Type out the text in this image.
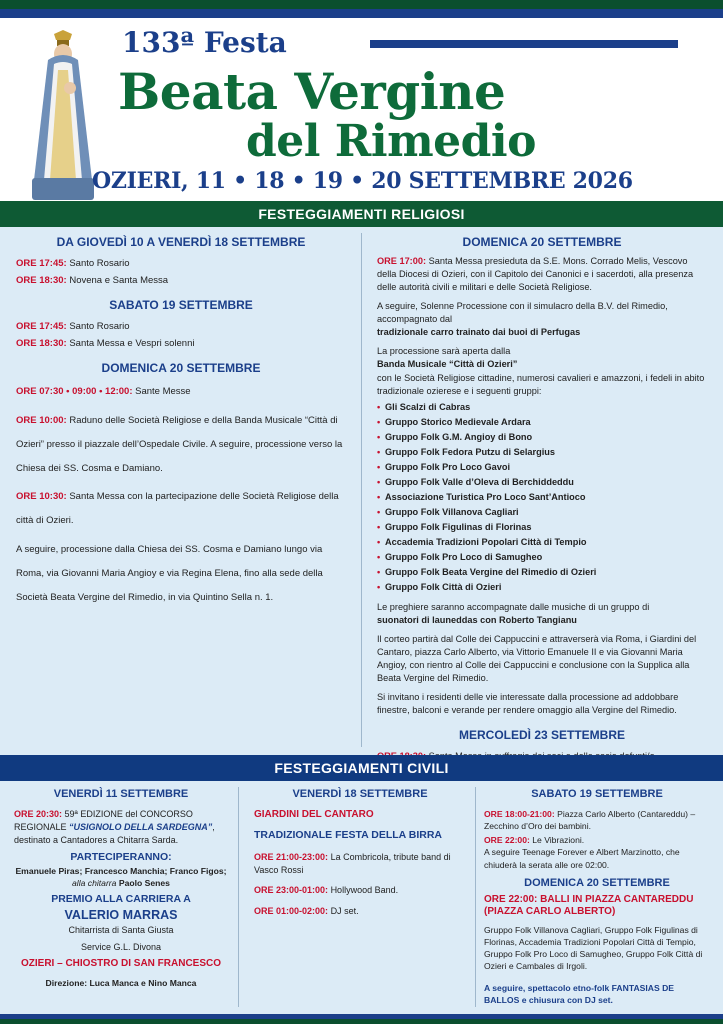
133ª Festa
Beata Vergine
del Rimedio
OZIERI, 11 • 18 • 19 • 20 SETTEMBRE 2026
FESTEGGIAMENTI RELIGIOSI
DA GIOVEDÌ 10 A VENERDÌ 18 SETTEMBRE
ORE 17:45: Santo Rosario
ORE 18:30: Novena e Santa Messa
SABATO 19 SETTEMBRE
ORE 17:45: Santo Rosario
ORE 18:30: Santa Messa e Vespri solenni
DOMENICA 20 SETTEMBRE
ORE 07:30 • 09:00 • 12:00: Sante Messe
ORE 10:00: Raduno delle Società Religiose e della Banda Musicale “Città di Ozieri” presso il piazzale dell’Ospedale Civile. A seguire, processione verso la Chiesa dei SS. Cosma e Damiano.
ORE 10:30: Santa Messa con la partecipazione delle Società Religiose della città di Ozieri.
A seguire, processione dalla Chiesa dei SS. Cosma e Damiano lungo via Roma, via Giovanni Maria Angioy e via Regina Elena, fino alla sede della Società Beata Vergine del Rimedio, in via Quintino Sella n. 1.
DOMENICA 20 SETTEMBRE
ORE 17:00: Santa Messa presieduta da S.E. Mons. Corrado Melis, Vescovo della Diocesi di Ozieri, con il Capitolo dei Canonici e i sacerdoti, alla presenza delle autorità civili e militari e delle Società Religiose.
A seguire, Solenne Processione con il simulacro della B.V. del Rimedio, accompagnato dal
tradizionale carro trainato dai buoi di Perfugas
La processione sarà aperta dalla
Banda Musicale “Città di Ozieri”
con le Società Religiose cittadine, numerosi cavalieri e amazzoni, i fedeli in abito tradizionale ozierese e i seguenti gruppi:
• Gli Scalzi di Cabras
• Gruppo Storico Medievale Ardara
• Gruppo Folk G.M. Angioy di Bono
• Gruppo Folk Fedora Putzu di Selargius
• Gruppo Folk Pro Loco Gavoi
• Gruppo Folk Valle d’Oleva di Berchiddeddu
• Associazione Turistica Pro Loco Sant’Antioco
• Gruppo Folk Villanova Cagliari
• Gruppo Folk Figulinas di Florinas
• Accademia Tradizioni Popolari Città di Tempio
• Gruppo Folk Pro Loco di Samugheo
• Gruppo Folk Beata Vergine del Rimedio di Ozieri
• Gruppo Folk Città di Ozieri
Le preghiere saranno accompagnate dalle musiche di un gruppo di
suonatori di launeddas con Roberto Tangianu
Il corteo partirà dal Colle dei Cappuccini e attraverserà via Roma, i Giardini del Cantaro, piazza Carlo Alberto, via Vittorio Emanuele II e via Giovanni Maria Angioy, con rientro al Colle dei Cappuccini e conclusione con la Supplica alla Beata Vergine del Rimedio.
Si invitano i residenti delle vie interessate dalla processione ad addobbare finestre, balconi e verande per rendere omaggio alla Vergine del Rimedio.
MERCOLEDÌ 23 SETTEMBRE
FESTEGGIAMENTI CIVILI
VENERDÌ 11 SETTEMBRE
ORE 20:30: 59ª EDIZIONE del CONCORSO REGIONALE “USIGNOLO DELLA SARDEGNA”, destinato a Cantadores a Chitarra Sarda.
PARTECIPERANNO:
Emanuele Piras; Francesco Manchia; Franco Figos;
alla chitarra Paolo Senes
PREMIO ALLA CARRIERA A
VALERIO MARRAS
Chitarrista di Santa Giusta
Service G.L. Divona
OZIERI – CHIOSTRO DI SAN FRANCESCO
Direzione: Luca Manca e Nino Manca
VENERDÌ 18 SETTEMBRE
GIARDINI DEL CANTARO
TRADIZIONALE FESTA DELLA BIRRA
ORE 21:00-23:00: La Combricola, tribute band di Vasco Rossi
ORE 23:00-01:00: Hollywood Band.
ORE 01:00-02:00: DJ set.
SABATO 19 SETTEMBRE
ORE 18:00-21:00: Piazza Carlo Alberto (Cantareddu) – Zecchino d’Oro dei bambini.
ORE 22:00: Le Vibrazioni.
A seguire Teenage Forever e Albert Marzinotto, che chiuderà la serata alle ore 02:00.
DOMENICA 20 SETTEMBRE
ORE 22:00: BALLI IN PIAZZA CANTAREDDU (PIAZZA CARLO ALBERTO)
Gruppo Folk Villanova Cagliari, Gruppo Folk Figulinas di Florinas, Accademia Tradizioni Popolari Città di Tempio, Gruppo Folk Pro Loco di Samugheo, Gruppo Folk Città di Ozieri e Cambales di Irgoli.
A seguire, spettacolo etno-folk FANTASIAS DE BALLOS e chiusura con DJ set.
